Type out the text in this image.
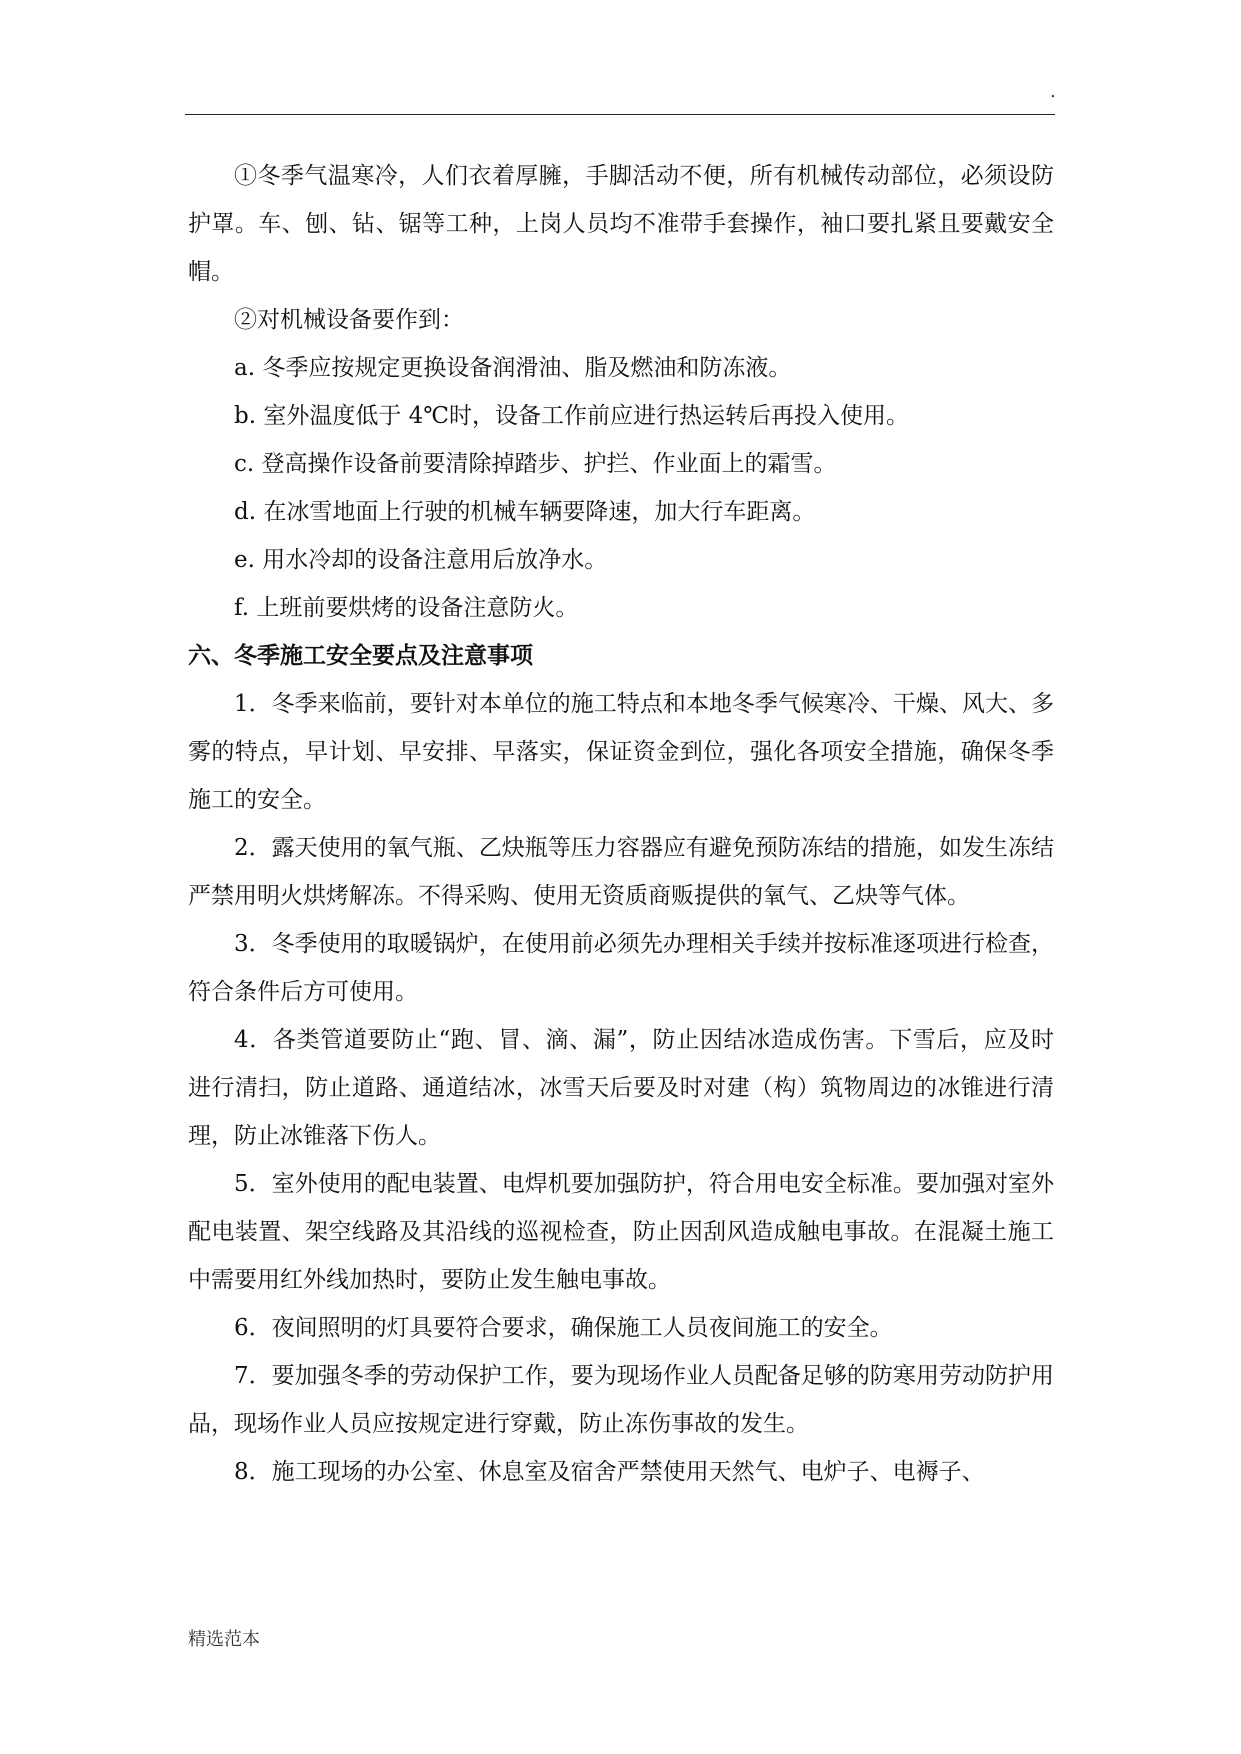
.

①冬季气温寒冷，人们衣着厚臃，手脚活动不便，所有机械传动部位，必须设防护罩。车、刨、钻、锯等工种，上岗人员均不准带手套操作，袖口要扎紧且要戴安全帽。

②对机械设备要作到：

a. 冬季应按规定更换设备润滑油、脂及燃油和防冻液。

b. 室外温度低于 4℃时，设备工作前应进行热运转后再投入使用。

c. 登高操作设备前要清除掉踏步、护拦、作业面上的霜雪。

d. 在冰雪地面上行驶的机械车辆要降速，加大行车距离。

e. 用水冷却的设备注意用后放净水。

f. 上班前要烘烤的设备注意防火。

六、冬季施工安全要点及注意事项

1．冬季来临前，要针对本单位的施工特点和本地冬季气候寒冷、干燥、风大、多雾的特点，早计划、早安排、早落实，保证资金到位，强化各项安全措施，确保冬季施工的安全。

2．露天使用的氧气瓶、乙炔瓶等压力容器应有避免预防冻结的措施，如发生冻结严禁用明火烘烤解冻。不得采购、使用无资质商贩提供的氧气、乙炔等气体。

3．冬季使用的取暖锅炉，在使用前必须先办理相关手续并按标准逐项进行检查，符合条件后方可使用。

4．各类管道要防止“跑、冒、滴、漏”，防止因结冰造成伤害。下雪后，应及时进行清扫，防止道路、通道结冰，冰雪天后要及时对建（构）筑物周边的冰锥进行清理，防止冰锥落下伤人。

5．室外使用的配电装置、电焊机要加强防护，符合用电安全标准。要加强对室外配电装置、架空线路及其沿线的巡视检查，防止因刮风造成触电事故。在混凝土施工中需要用红外线加热时，要防止发生触电事故。

6．夜间照明的灯具要符合要求，确保施工人员夜间施工的安全。

7．要加强冬季的劳动保护工作，要为现场作业人员配备足够的防寒用劳动防护用品，现场作业人员应按规定进行穿戴，防止冻伤事故的发生。

8．施工现场的办公室、休息室及宿舍严禁使用天然气、电炉子、电褥子、

精选范本
